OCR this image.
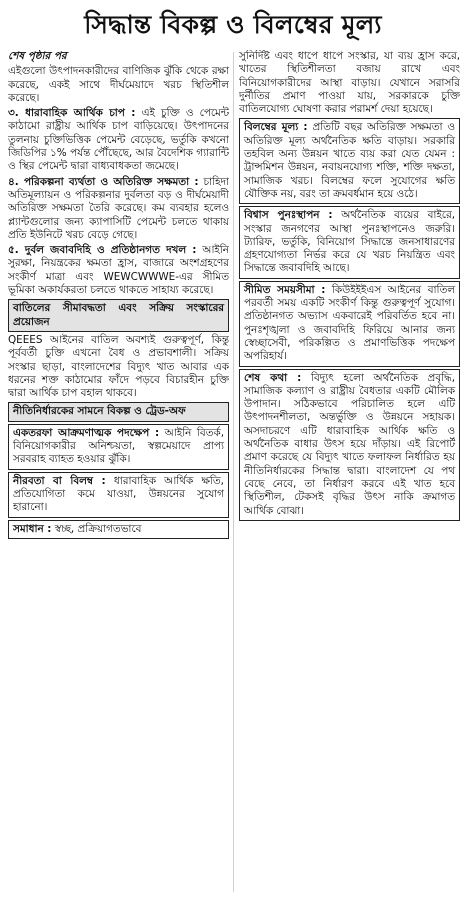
সিদ্ধান্ত বিকল্প ও বিলম্বের মূল্য

শেষ পৃষ্ঠার পর

এইগুলো উৎপাদনকারীদের বাণিজিক ঝুঁকি থেকে রক্ষা করেছে, একই সাথে দীর্ঘমেয়াদে খরচ স্থিতিশীল করেছে।

৩. ধারাবাহিক আর্থিক চাপ : এই চুক্তি ও পেমেন্ট কাঠামো রাষ্ট্রীয় আর্থিক চাপ বাড়িয়েছে। উৎপাদনের তুলনায় চুক্তিভিত্তিক পেমেন্ট বেড়েছে, ভর্তুকি কখনো জিডিপির ১% পর্যন্ত পৌঁছেছে, আর বৈদেশিক গ্যারান্টি ও স্থির পেমেন্ট দ্বারা বাধ্যবাধকতা জমেছে।

৪. পরিকল্পনা ব্যর্থতা ও অতিরিক্ত সক্ষমতা : চাহিদা অতিমূল্যায়ন ও পরিকল্পনার দুর্বলতা বড় ও দীর্ঘমেয়াদী অতিরিক্ত সক্ষমতা তৈরি করেছে। কম ব্যবহার হলেও প্ল্যান্টগুলোর জন্য ক্যাপাসিটি পেমেন্ট চলতে থাকায় প্রতি ইউনিটে খরচ বেড়ে গেছে।

৫. দুর্বল জবাবদিহি ও প্রতিষ্ঠানগত দখল : আইনি সুরক্ষা, নিয়ন্ত্রকের ক্ষমতা হ্রাস, বাজারে অংশগ্রহণের সংকীর্ণ মাত্রা এবং WEWCWWWE-এর সীমিত ভূমিকা অকার্যকরতা চলতে থাকতে সাহায্য করেছে।

বাতিলের সীমাবদ্ধতা এবং সক্রিয় সংস্কারের প্রয়োজন

QEEES আইনের বাতিল অবশ্যই গুরুত্বপূর্ণ, কিন্তু পূর্ববর্তী চুক্তি এখনো বৈধ ও প্রভাবশালী। সক্রিয় সংস্কার ছাড়া, বাংলাদেশের বিদ্যুৎ খাত আবার এক ধরনের শক্ত কাঠামোর ফাঁদে পড়বে বিচারহীন চুক্তি দ্বারা আর্থিক চাপ বহাল থাকবে।

নীতিনির্ধারকের সামনে বিকল্প ও ট্রেড-অফ
একতরফা আক্রমণাত্মক পদক্ষেপ : আইনি বিতর্ক, বিনিয়োগকারীর অনিশ্চয়তা, স্বল্পমেয়াদে প্রাপ্য সরবরাহ ব্যাহত হওয়ার ঝুঁকি।
নীরবতা বা বিলম্ব : ধারাবাহিক আর্থিক ক্ষতি, প্রতিযোগিতা কমে যাওয়া, উন্নয়নের সুযোগ হারানো।
সমাধান : স্বচ্ছ, প্রক্রিয়াগতভাবে

সুনির্দিষ্ট এবং ধাপে ধাপে সংস্কার, যা ব্যয় হ্রাস করে, খাতের স্থিতিশীলতা বজায় রাখে এবং বিনিয়োগকারীদের আস্থা বাড়ায়। যেখানে সরাসরি দুর্নীতির প্রমাণ পাওয়া যায়, সরকারকে চুক্তি বাতিলযোগ্য ঘোষণা করার পরামর্শ দেয়া হয়েছে।

বিলম্বের মূল্য : প্রতিটি বছর অতিরিক্ত সক্ষমতা ও অতিরিক্ত মূল্য অর্থনৈতিক ক্ষতি বাড়ায়। সরকারি তহবিল অন্য উন্নয়ন খাতে ব্যয় করা যেত যেমন : ট্রান্সমিশন উন্নয়ন, নবায়নযোগ্য শক্তি, শক্তি দক্ষতা, সামাজিক খরচ। বিলম্বের ফলে সুযোগের ক্ষতি যৌক্তিক নয়, বরং তা ক্রমবর্ধমান হয়ে ওঠে।
বিশ্বাস পুনঃস্থাপন : অর্থনৈতিক ব্যয়ের বাইরে, সংস্কার জনগণের আস্থা পুনঃস্থাপনেও জরুরি। ট্যারিফ, ভর্তুকি, বিনিয়োগ সিদ্ধান্তে জনসাধারণের গ্রহণযোগ্যতা নির্ভর করে যে খরচ নিয়ন্ত্রিত এবং সিদ্ধান্তে জবাবদিহি আছে।
সীমিত সময়সীমা : কিউইইইএস আইনের বাতিল পরবর্তী সময় একটি সংকীর্ণ কিন্তু গুরুত্বপূর্ণ সুযোগ। প্রতিষ্ঠানগত অভ্যাস একবারেই পরিবর্তিত হবে না। পুনঃশৃঙ্খলা ও জবাবদিহি ফিরিয়ে আনার জন্য স্বেচ্ছাসেবী, পরিকল্পিত ও প্রমাণভিত্তিক পদক্ষেপ অপরিহার্য।
শেষ কথা : বিদ্যুৎ হলো অর্থনৈতিক প্রবৃদ্ধি, সামাজিক কল্যাণ ও রাষ্ট্রীয় বৈধতার একটি মৌলিক উপাদান। সঠিকভাবে পরিচালিত হলে এটি উৎপাদনশীলতা, অন্তর্ভুক্তি ও উন্নয়নে সহায়ক। অসদাচরণে এটি ধারাবাহিক আর্থিক ক্ষতি ও অর্থনৈতিক বাধার উৎস হয়ে দাঁড়ায়। এই রিপোর্ট প্রমাণ করেছে যে বিদ্যুৎ খাতে ফলাফল নির্ধারিত হয় নীতিনির্ধারকের সিদ্ধান্ত দ্বারা। বাংলাদেশ যে পথ বেছে নেবে, তা নির্ধারণ করবে এই খাত হবে স্থিতিশীল, টেকসই বৃদ্ধির উৎস নাকি ক্রমাগত আর্থিক বোঝা।
